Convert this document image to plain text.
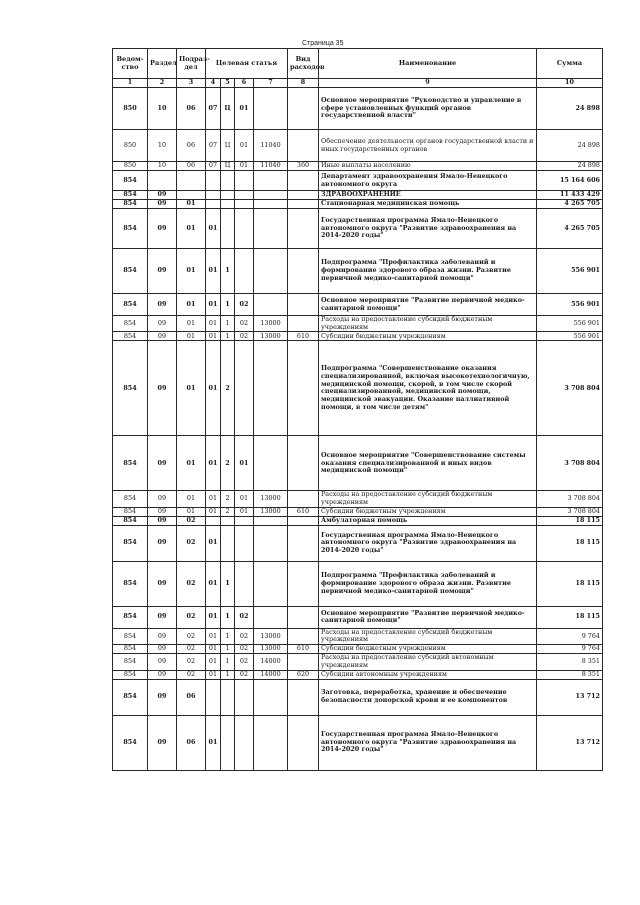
Страница 35
Ведом-ство	Раздел	Подраз-дел	Целевая статья				Вид расходов	Наименование	Сумма
1	2	3	4	5	6	7	8	9	10
850	10	06	07	Ц	01			Основное мероприятие "Руководство и управление в сфере установленных функций органов государственной власти"	24 898
850	10	06	07	Ц	01	11040		Обеспечение деятельности органов государственной власти и иных государственных органов	24 898
850	10	06	07	Ц	01	11040	360	Иные выплаты населению	24 898
854								Департамент здравоохранения Ямало-Ненецкого автономного округа	15 164 606
854	09							ЗДРАВООХРАНЕНИЕ	11 433 429
854	09	01						Стационарная медицинская помощь	4 265 705
854	09	01	01					Государственная программа Ямало-Ненецкого автономного округа "Развитие здравоохранения на 2014-2020 годы"	4 265 705
854	09	01	01	1				Подпрограмма "Профилактика заболеваний и формирование здорового образа жизни. Развитие первичной медико-санитарной помощи"	556 901
854	09	01	01	1	02			Основное мероприятие "Развитие первичной медико-санитарной помощи"	556 901
854	09	01	01	1	02	13000		Расходы на предоставление субсидий бюджетным учреждениям	556 901
854	09	01	01	1	02	13000	610	Субсидии бюджетным учреждениям	556 901
854	09	01	01	2				Подпрограмма "Совершенствование оказания специализированной, включая высокотехнологичную, медицинской помощи, скорой, в том числе скорой специализированной, медицинской помощи, медицинской эвакуации. Оказание паллиативной помощи, в том числе детям"	3 708 804
854	09	01	01	2	01			Основное мероприятие "Совершенствование системы оказания специализированной и иных видов медицинской помощи"	3 708 804
854	09	01	01	2	01	13000		Расходы на предоставление субсидий бюджетным учреждениям	3 708 804
854	09	01	01	2	01	13000	610	Субсидии бюджетным учреждениям	3 708 804
854	09	02						Амбулаторная помощь	18 115
854	09	02	01					Государственная программа Ямало-Ненецкого автономного округа "Развитие здравоохранения на 2014-2020 годы"	18 115
854	09	02	01	1				Подпрограмма "Профилактика заболеваний и формирование здорового образа жизни. Развитие первичной медико-санитарной помощи"	18 115
854	09	02	01	1	02			Основное мероприятие "Развитие первичной медико-санитарной помощи"	18 115
854	09	02	01	1	02	13000		Расходы на предоставление субсидий бюджетным учреждениям	9 764
854	09	02	01	1	02	13000	610	Субсидии бюджетным учреждениям	9 764
854	09	02	01	1	02	14000		Расходы на предоставление субсидий автономным учреждениям	8 351
854	09	02	01	1	02	14000	620	Субсидии автономным учреждениям	8 351
854	09	06						Заготовка, переработка, хранение и обеспечение безопасности донорской крови и ее компонентов	13 712
854	09	06	01					Государственная программа Ямало-Ненецкого автономного округа "Развитие здравоохранения на 2014-2020 годы"	13 712
